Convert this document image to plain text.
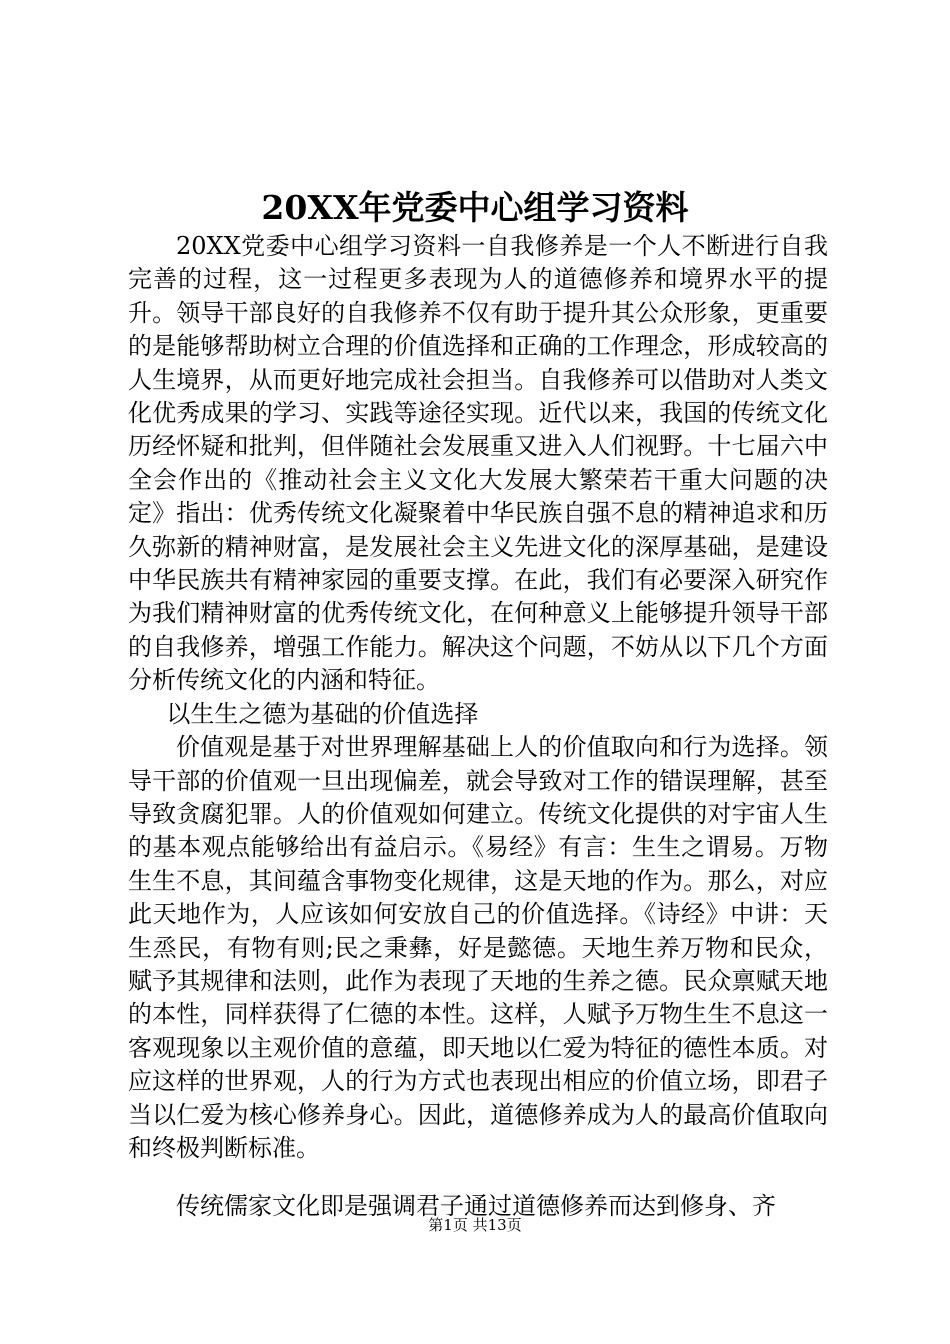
20XX年党委中心组学习资料

20XX党委中心组学习资料一自我修养是一个人不断进行自我完善的过程，这一过程更多表现为人的道德修养和境界水平的提升。领导干部良好的自我修养不仅有助于提升其公众形象，更重要的是能够帮助树立合理的价值选择和正确的工作理念，形成较高的人生境界，从而更好地完成社会担当。自我修养可以借助对人类文化优秀成果的学习、实践等途径实现。近代以来，我国的传统文化历经怀疑和批判，但伴随社会发展重又进入人们视野。十七届六中全会作出的《推动社会主义文化大发展大繁荣若干重大问题的决定》指出：优秀传统文化凝聚着中华民族自强不息的精神追求和历久弥新的精神财富，是发展社会主义先进文化的深厚基础，是建设中华民族共有精神家园的重要支撑。在此，我们有必要深入研究作为我们精神财富的优秀传统文化，在何种意义上能够提升领导干部的自我修养，增强工作能力。解决这个问题，不妨从以下几个方面分析传统文化的内涵和特征。

以生生之德为基础的价值选择

价值观是基于对世界理解基础上人的价值取向和行为选择。领导干部的价值观一旦出现偏差，就会导致对工作的错误理解，甚至导致贪腐犯罪。人的价值观如何建立。传统文化提供的对宇宙人生的基本观点能够给出有益启示。《易经》有言：生生之谓易。万物生生不息，其间蕴含事物变化规律，这是天地的作为。那么，对应此天地作为，人应该如何安放自己的价值选择。《诗经》中讲：天生烝民，有物有则;民之秉彝，好是懿德。天地生养万物和民众，赋予其规律和法则，此作为表现了天地的生养之德。民众禀赋天地的本性，同样获得了仁德的本性。这样，人赋予万物生生不息这一客观现象以主观价值的意蕴，即天地以仁爱为特征的德性本质。对应这样的世界观，人的行为方式也表现出相应的价值立场，即君子当以仁爱为核心修养身心。因此，道德修养成为人的最高价值取向和终极判断标准。

传统儒家文化即是强调君子通过道德修养而达到修身、齐

第1页 共13页
